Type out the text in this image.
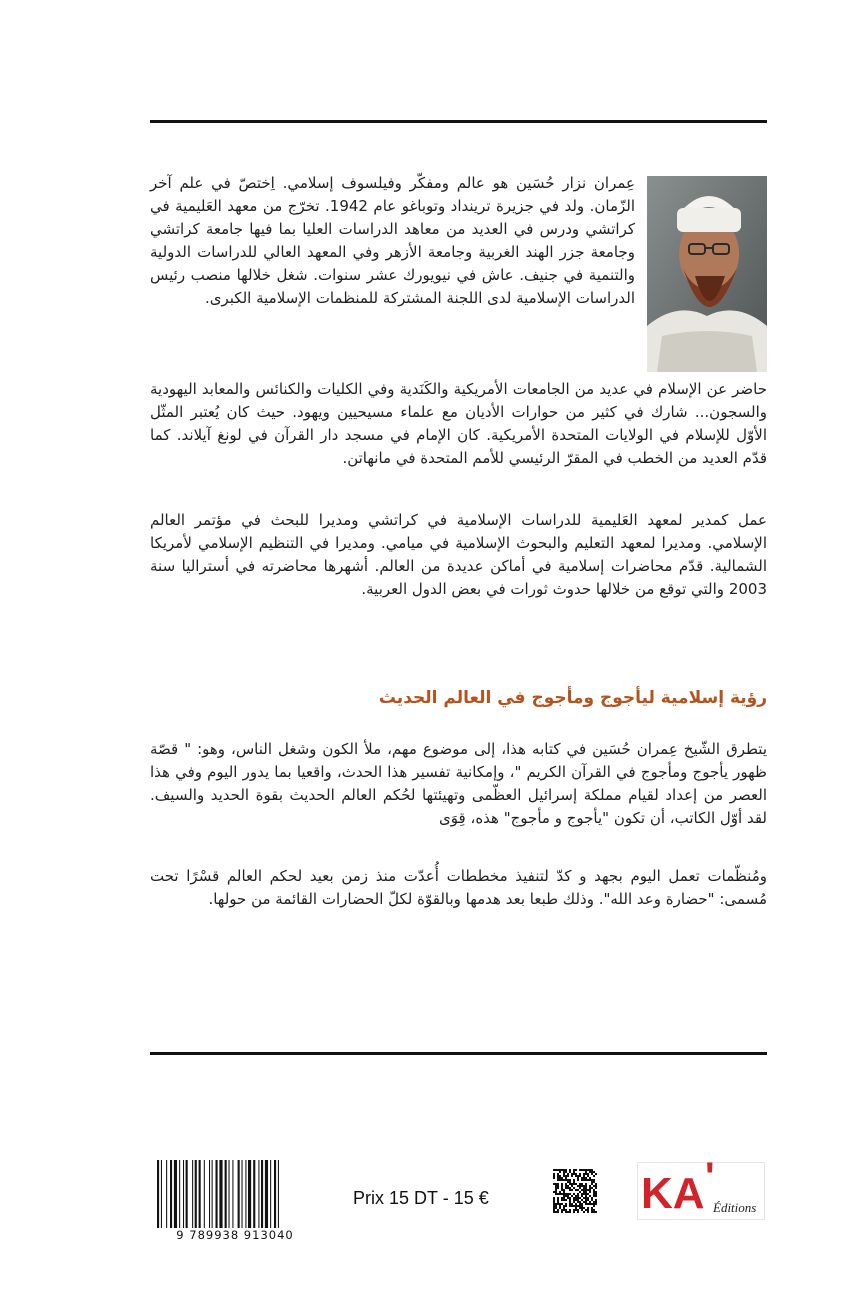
عِمران نزار حُسَين هو عالم ومفكّر وفيلسوف إسلامي. اِختصّ في علم آخر الزّمان. ولد في جزيرة ترينداد وتوباغو عام 1942. تخرّج من معهد العَليمية في كراتشي ودرس في العديد من معاهد الدراسات العليا بما فيها جامعة كراتشي وجامعة جزر الهند الغربية وجامعة الأزهر وفي المعهد العالي للدراسات الدولية والتنمية في جنيف. عاش في نيويورك عشر سنوات. شغل خلالها منصب رئيس الدراسات الإسلامية لدى اللجنة المشتركة للمنظمات الإسلامية الكبرى.

حاضر عن الإسلام في عديد من الجامعات الأمريكية والكَنَدية وفي الكليات والكنائس والمعابد اليهودية والسجون... شارك في كثير من حوارات الأديان مع علماء مسيحيين ويهود. حيث كان يُعتبر المثّل الأوّل للإسلام في الولايات المتحدة الأمريكية. كان الإمام في مسجد دار القرآن في لونغ آيلاند. كما قدّم العديد من الخطب في المقرّ الرئيسي للأمم المتحدة في مانهاتن.

عمل كمدير لمعهد العَليمية للدراسات الإسلامية في كراتشي ومديرا للبحث في مؤتمر العالم الإسلامي. ومديرا لمعهد التعليم والبحوث الإسلامية في ميامي. ومديرا في التنظيم الإسلامي لأمريكا الشمالية. قدّم محاضرات إسلامية في أماكن عديدة من العالم. أشهرها محاضرته في أستراليا سنة 2003 والتي توقع من خلالها حدوث ثورات في بعض الدول العربية.

رؤية إسلامية ليأجوج ومأجوج في العالم الحديث

يتطرق الشّيخ عِمران حُسَين في كتابه هذا، إلى موضوع مهم، ملأ الكون وشغل الناس، وهو: " قصّة ظهور يأجوج ومأجوج في القرآن الكريم "، وإمكانية تفسير هذا الحدث، واقعيا بما يدور اليوم وفي هذا العصر من إعداد لقيام مملكة إسرائيل العظّمى وتهيئتها لحُكم العالم الحديث بقوة الحديد والسيف. لقد أوّل الكاتب، أن تكون "يأجوج و مأجوج" هذه، قِوَى

ومُنظّمات تعمل اليوم بجهد و كدّ لتنفيذ مخططات أُعدّت منذ زمن بعيد لحكم العالم قسْرًا تحت مُسمى: "حضارة وعد الله". وذلك طبعا بعد هدمها وبالقوّة لكلّ الحضارات القائمة من حولها.

9 789938 913040
Prix 15 DT - 15 €	KA '
Éditions
